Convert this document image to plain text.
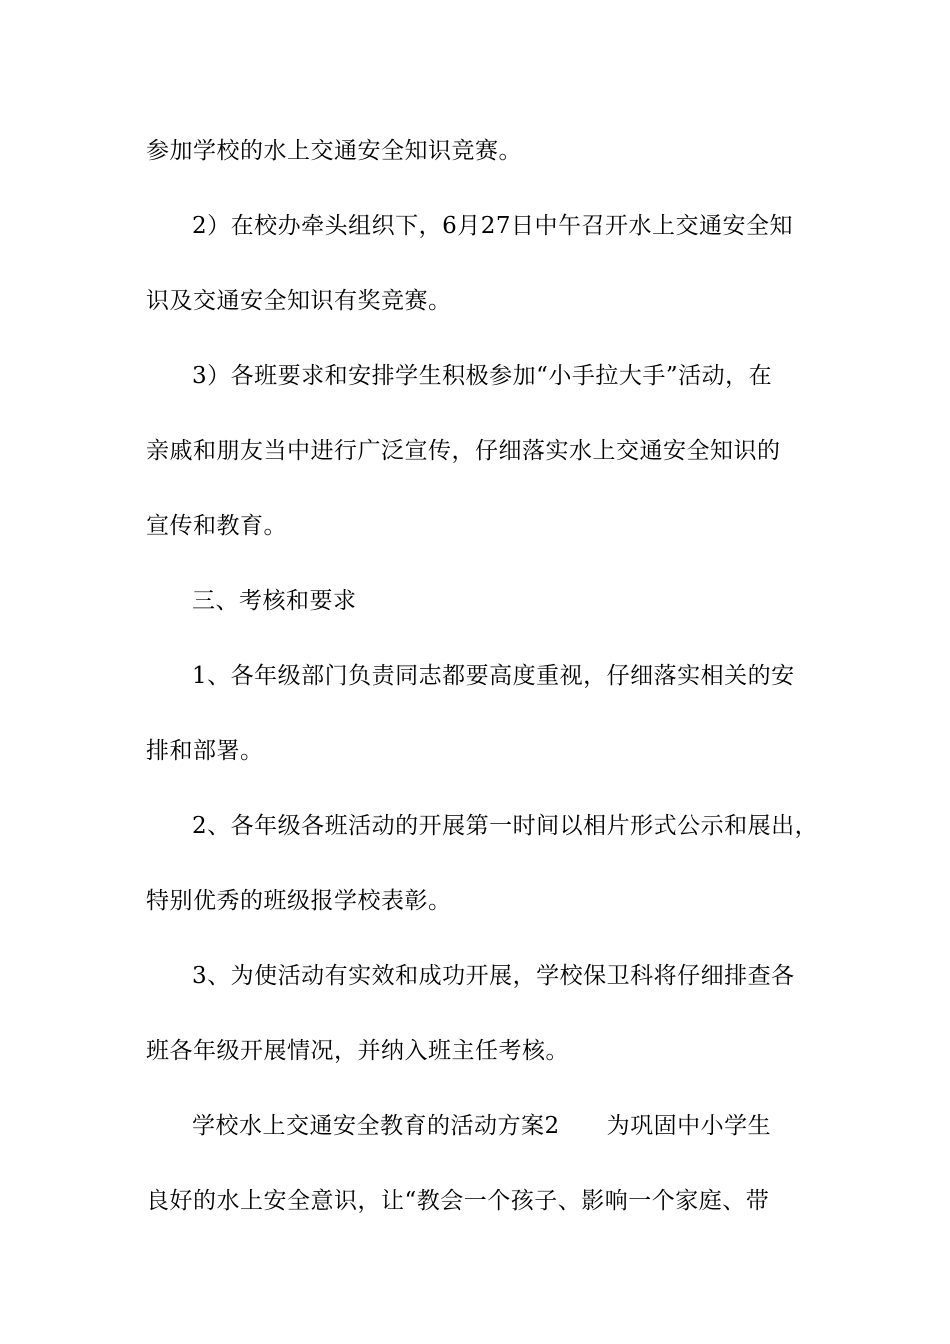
参加学校的水上交通安全知识竞赛。
2）在校办牵头组织下，6月27日中午召开水上交通安全知
识及交通安全知识有奖竞赛。
3）各班要求和安排学生积极参加“小手拉大手”活动，在
亲戚和朋友当中进行广泛宣传，仔细落实水上交通安全知识的
宣传和教育。
三、考核和要求
1、各年级部门负责同志都要高度重视，仔细落实相关的安
排和部署。
2、各年级各班活动的开展第一时间以相片形式公示和展出，
特别优秀的班级报学校表彰。
3、为使活动有实效和成功开展，学校保卫科将仔细排查各
班各年级开展情况，并纳入班主任考核。
学校水上交通安全教育的活动方案2　　为巩固中小学生
良好的水上安全意识，让“教会一个孩子、影响一个家庭、带
